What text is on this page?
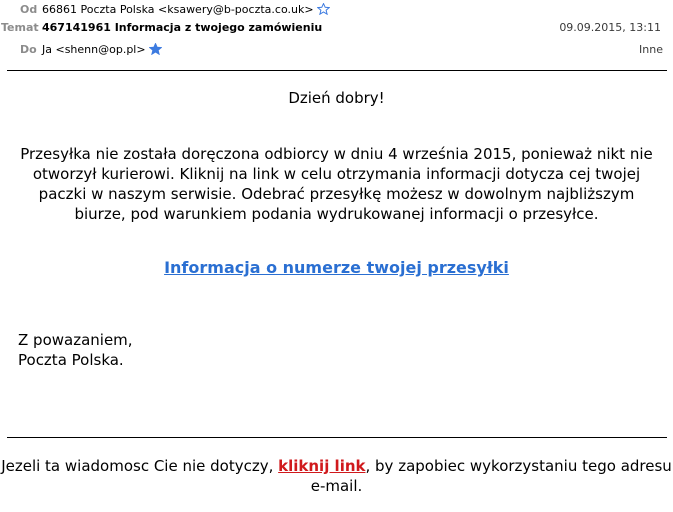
Od 66861 Poczta Polska <ksawery@b-poczta.co.uk>
Temat 467141961 Informacja z twojego zamówieniu	09.09.2015, 13:11
Do Ja <shenn@op.pl>	Inne
Dzień dobry!
Przesyłka nie została doręczona odbiorcy w dniu 4 września 2015, ponieważ nikt nie otworzył kurierowi. Kliknij na link w celu otrzymania informacji dotycza cej twojej paczki w naszym serwisie. Odebrać przesyłkę możesz w dowolnym najbliższym biurze, pod warunkiem podania wydrukowanej informacji o przesyłce.
Informacja o numerze twojej przesyłki
Z powazaniem,
Poczta Polska.
Jezeli ta wiadomosc Cie nie dotyczy, kliknij link, by zapobiec wykorzystaniu tego adresu e-mail.
